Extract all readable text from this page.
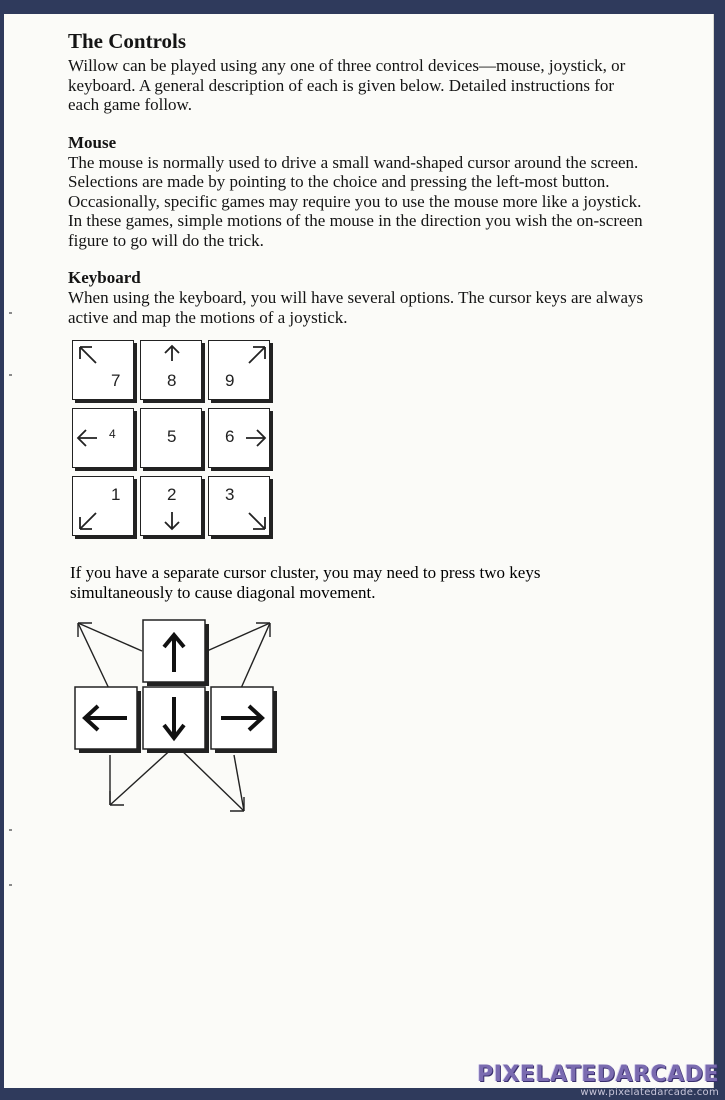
The Controls

Willow can be played using any one of three control devices—mouse, joystick, or keyboard. A general description of each is given below. Detailed instructions for each game follow.

Mouse

The mouse is normally used to drive a small wand-shaped cursor around the screen. Selections are made by pointing to the choice and pressing the left-most button. Occasionally, specific games may require you to use the mouse more like a joystick. In these games, simple motions of the mouse in the direction you wish the on-screen figure to go will do the trick.

Keyboard

When using the keyboard, you will have several options. The cursor keys are always active and map the motions of a joystick.

7	8	9
4	5	6
1	2	3

If you have a separate cursor cluster, you may need to press two keys simultaneously to cause diagonal movement.

PIXELATEDARCADE
www.pixelatedarcade.com
